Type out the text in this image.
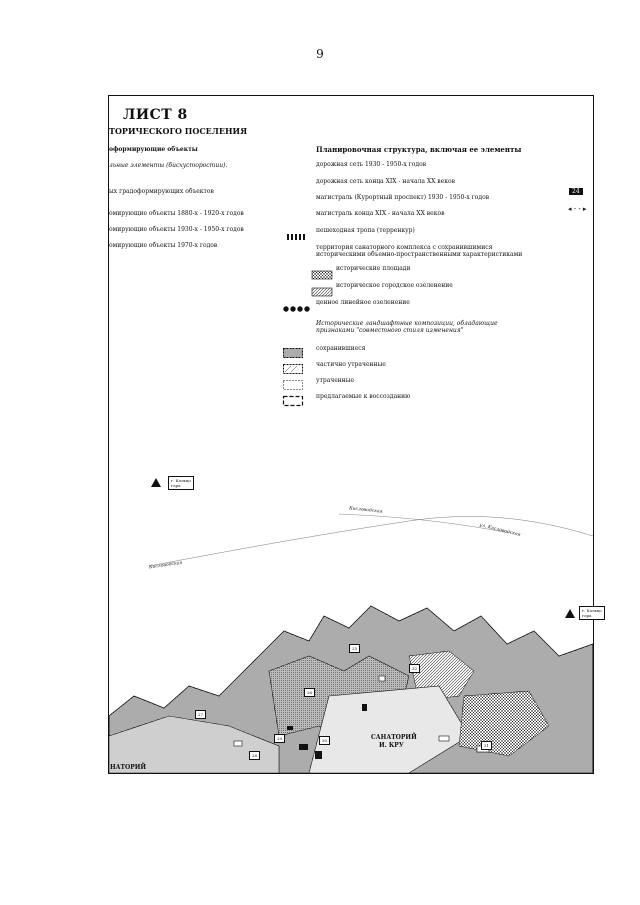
9
ЛИСТ 8
ТОРИЧЕСКОГО ПОСЕЛЕНИЯ
оформирующие объекты
льные элементы (бисхусторостии).
ых градоформирующих объектов
омирующие объекты 1880-х - 1920-х годов
омирующие объекты 1930-х - 1950-х годов
омирующие объекты 1970-х годов
Планировочная структура, включая ее элементы
дорожная сеть 1930 - 1950-х годов
дорожная сеть конца XIX - начала XX веков
магистраль (Курортный проспект) 1930 - 1950-х годов
магистраль конца XIX - начала XX веков
пешеходная тропа (терренкур)
территория санаторного комплекса с сохранившимися
историческими объемно-пространственными характеристиками
исторические площади
историческое городское озеленение
ценное линейное озеленение
Исторические ландшафтные композиции, обладающие
признаками "совместного стиля изменения"
сохранившиеся
частично утраченные
утраченные
предлагаемые к воссозданию
24
◂ - - ▸
г. Кольцо
гора
г. Кольцо
гора
Кисловодская
ул. Кисловодская
Кисловодская
25
26
27
28
29	30
31
32
САНАТОРИЙ
И. КРУ
НАТОРИЙ
